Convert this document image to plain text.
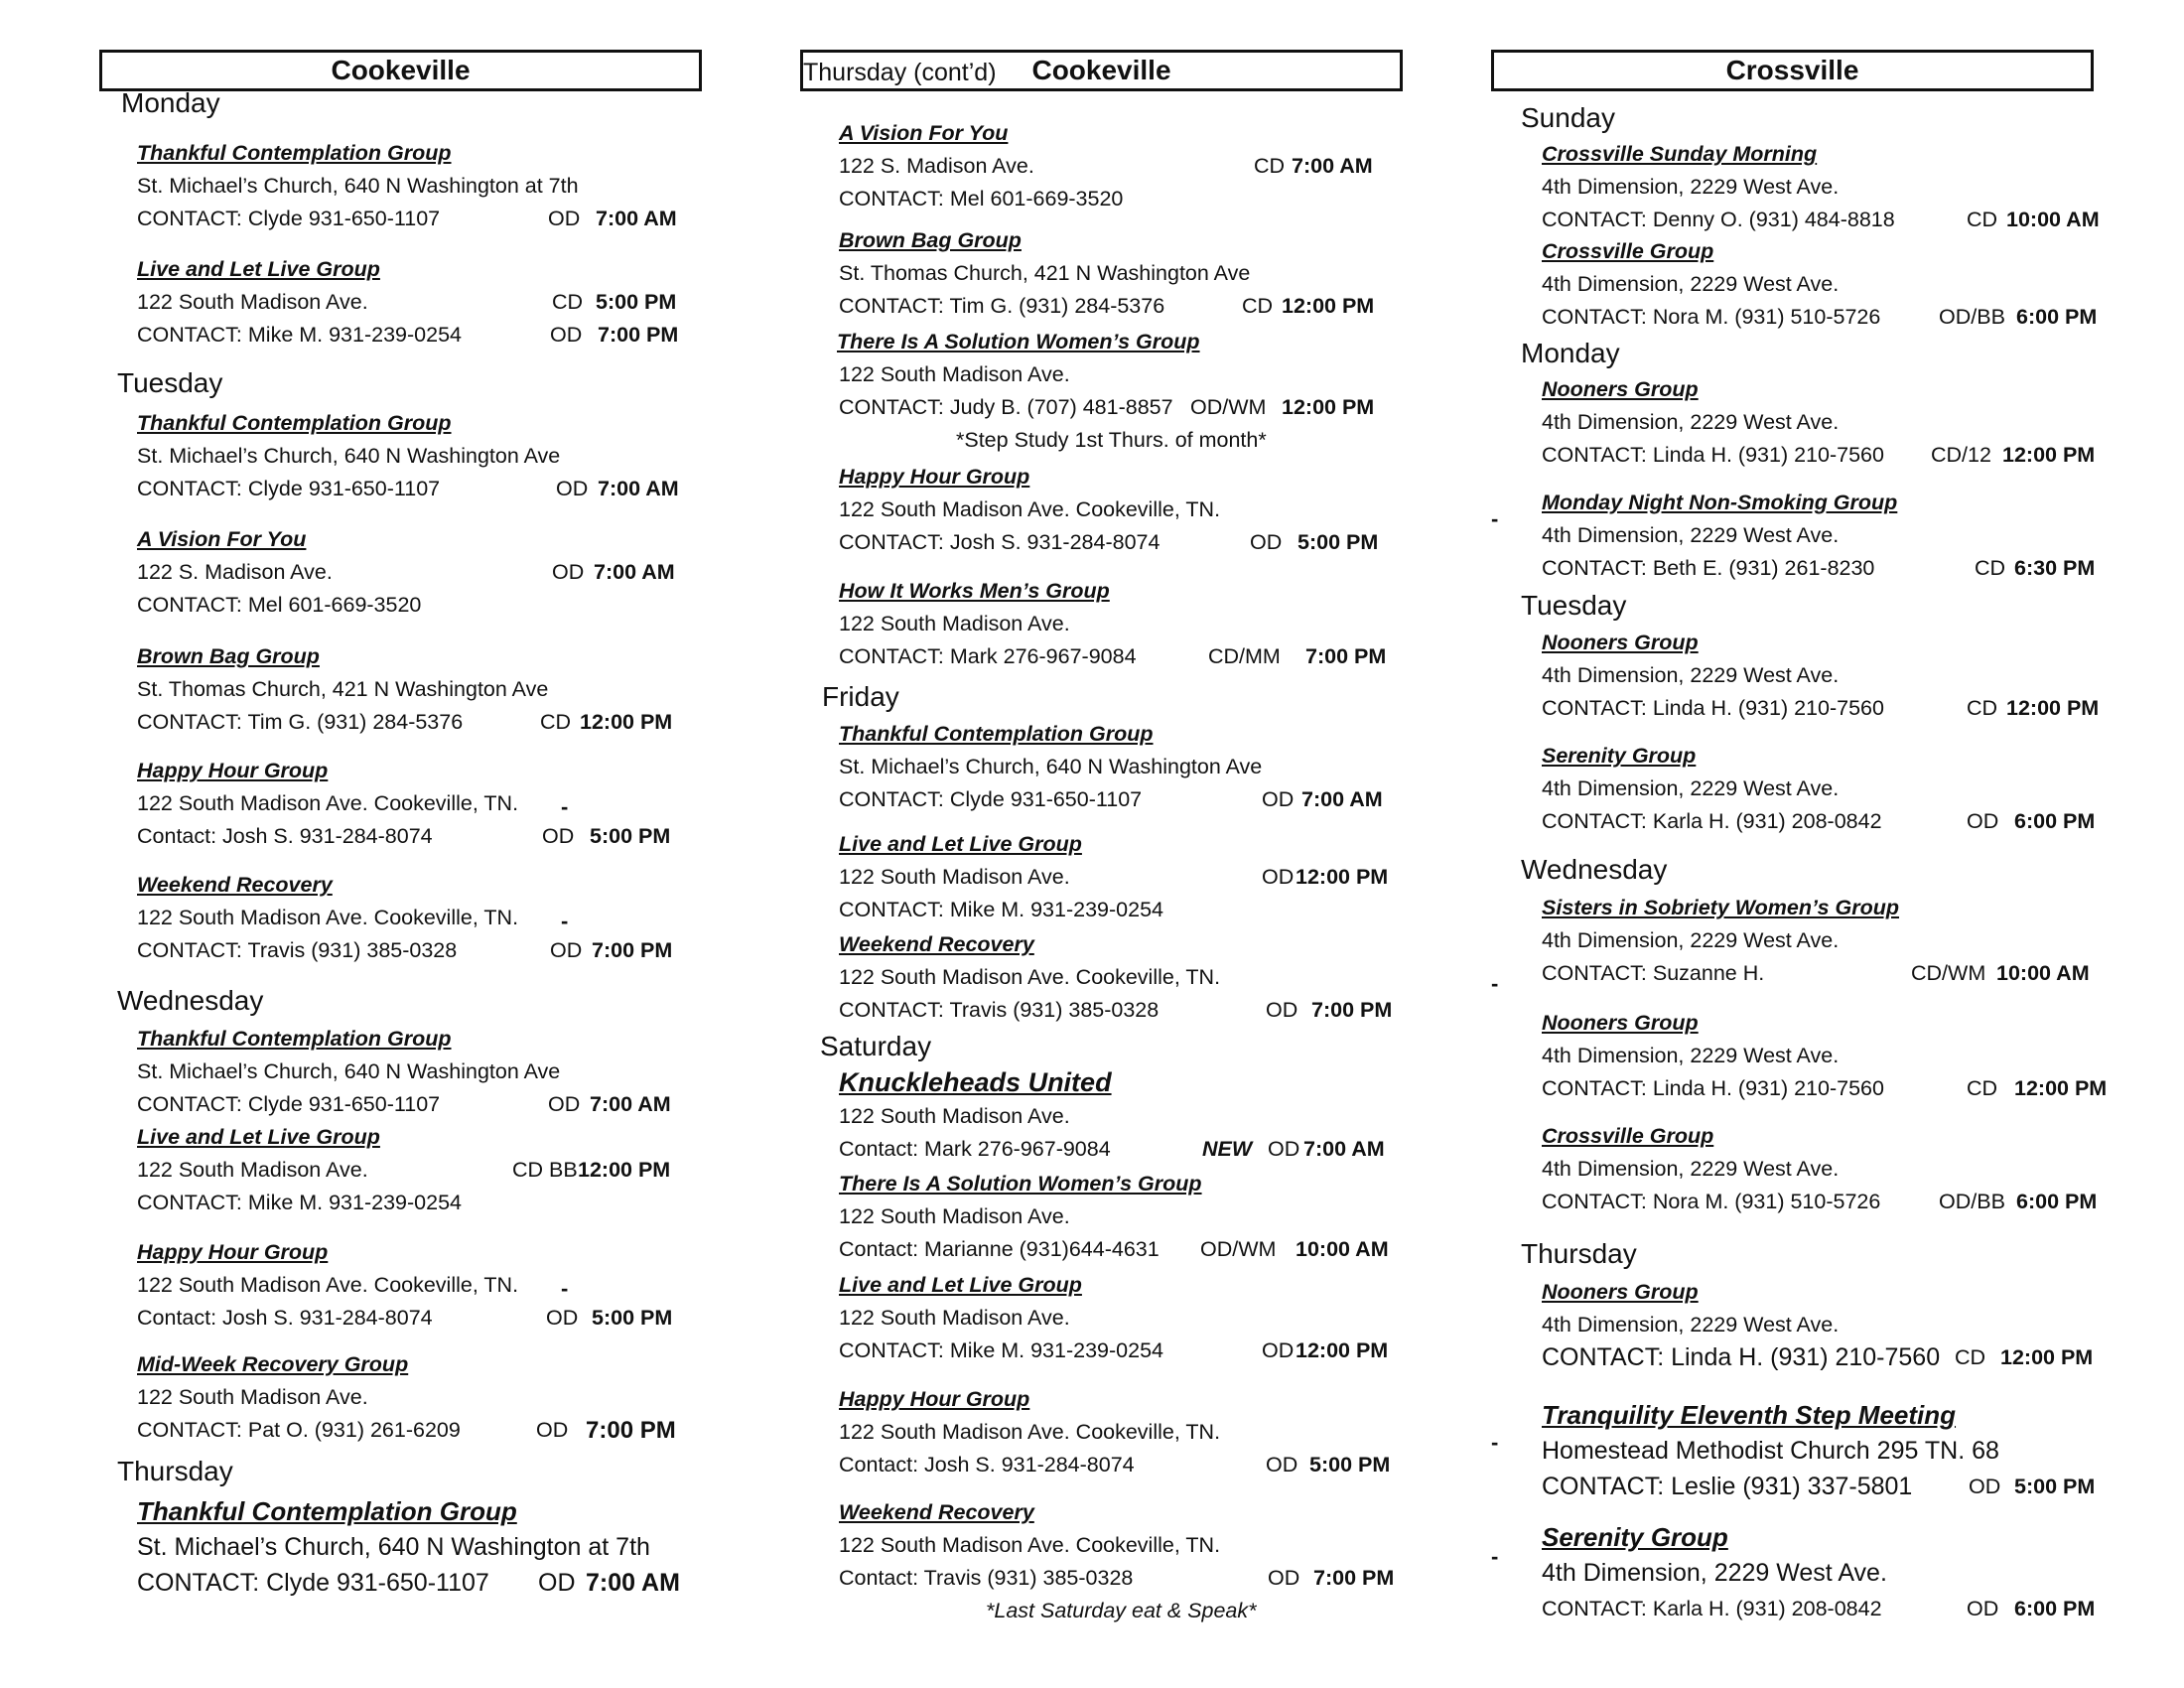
Cookeville
Monday
Thankful Contemplation Group
St. Michael’s Church, 640 N Washington at 7th
CONTACT: Clyde 931-650-1107	OD 7:00 AM
Live and Let Live Group
122 South Madison Ave.	CD 5:00 PM
CONTACT: Mike M. 931-239-0254	OD 7:00 PM
Tuesday
Thankful Contemplation Group
St. Michael’s Church, 640 N Washington Ave
CONTACT: Clyde 931-650-1107	OD 7:00 AM
A Vision For You
122 S. Madison Ave.	OD 7:00 AM
CONTACT: Mel 601-669-3520
Brown Bag Group
St. Thomas Church, 421 N Washington Ave
CONTACT: Tim G. (931) 284-5376	CD 12:00 PM
Happy Hour Group
122 South Madison Ave. Cookeville, TN.
Contact: Josh S. 931-284-8074	OD 5:00 PM
-
Weekend Recovery
122 South Madison Ave. Cookeville, TN.
CONTACT: Travis (931) 385-0328	OD 7:00 PM
-
Wednesday
Thankful Contemplation Group
St. Michael’s Church, 640 N Washington Ave
CONTACT: Clyde 931-650-1107	OD 7:00 AM
Live and Let Live Group
122 South Madison Ave.	CD BB 12:00 PM
CONTACT: Mike M. 931-239-0254
Happy Hour Group
122 South Madison Ave. Cookeville, TN.
Contact: Josh S. 931-284-8074	OD 5:00 PM
-
Mid-Week Recovery Group
122 South Madison Ave.
CONTACT: Pat O. (931) 261-6209	OD 7:00 PM
Thursday
Thankful Contemplation Group
St. Michael’s Church, 640 N Washington at 7th
CONTACT: Clyde 931-650-1107 OD 7:00 AM
Thursday (cont’d)	Cookeville
A Vision For You
122 S. Madison Ave.	CD 7:00 AM
CONTACT: Mel 601-669-3520
Brown Bag Group
St. Thomas Church, 421 N Washington Ave
CONTACT: Tim G. (931) 284-5376	CD 12:00 PM
There Is A Solution Women’s Group
122 South Madison Ave.
CONTACT: Judy B. (707) 481-8857 OD/WM 12:00 PM
*Step Study 1st Thurs. of month*
Happy Hour Group
122 South Madison Ave. Cookeville, TN.
CONTACT: Josh S. 931-284-8074	OD 5:00 PM
How It Works Men’s Group
122 South Madison Ave.
CONTACT: Mark 276-967-9084	CD/MM 7:00 PM
Friday
Thankful Contemplation Group
St. Michael’s Church, 640 N Washington Ave
CONTACT: Clyde 931-650-1107	OD 7:00 AM
Live and Let Live Group
122 South Madison Ave.	OD 12:00 PM
CONTACT: Mike M. 931-239-0254
Weekend Recovery
122 South Madison Ave. Cookeville, TN.
CONTACT: Travis (931) 385-0328	OD 7:00 PM
Saturday
Knuckleheads United
122 South Madison Ave.
Contact: Mark 276-967-9084	NEW OD 7:00 AM
There Is A Solution Women’s Group
122 South Madison Ave.
Contact: Marianne (931)644-4631 OD/WM 10:00 AM
Live and Let Live Group
122 South Madison Ave.
CONTACT: Mike M. 931-239-0254	OD 12:00 PM
Happy Hour Group
122 South Madison Ave. Cookeville, TN.
Contact: Josh S. 931-284-8074	OD 5:00 PM
Weekend Recovery
122 South Madison Ave. Cookeville, TN.
Contact: Travis (931) 385-0328	OD 7:00 PM
*Last Saturday eat & Speak*
Crossville
Sunday
Crossville Sunday Morning
4th Dimension, 2229 West Ave.
CONTACT: Denny O. (931) 484-8818	CD 10:00 AM
Crossville Group
4th Dimension, 2229 West Ave.
CONTACT: Nora M. (931) 510-5726	OD/BB 6:00 PM
Monday
Nooners Group
4th Dimension, 2229 West Ave.
CONTACT: Linda H. (931) 210-7560 CD/12 12:00 PM
-
Monday Night Non-Smoking Group
4th Dimension, 2229 West Ave.
CONTACT: Beth E. (931) 261-8230	CD 6:30 PM
Tuesday
Nooners Group
4th Dimension, 2229 West Ave.
CONTACT: Linda H. (931) 210-7560	CD 12:00 PM
Serenity Group
4th Dimension, 2229 West Ave.
CONTACT: Karla H. (931) 208-0842	OD 6:00 PM
Wednesday
-
Sisters in Sobriety Women’s Group
4th Dimension, 2229 West Ave.
CONTACT: Suzanne H.	CD/WM 10:00 AM
Nooners Group
4th Dimension, 2229 West Ave.
CONTACT: Linda H. (931) 210-7560	CD 12:00 PM
Crossville Group
4th Dimension, 2229 West Ave.
CONTACT: Nora M. (931) 510-5726	OD/BB 6:00 PM
Thursday
Nooners Group
4th Dimension, 2229 West Ave.
CONTACT: Linda H. (931) 210-7560 CD 12:00 PM
-
Tranquility Eleventh Step Meeting
Homestead Methodist Church 295 TN. 68
CONTACT: Leslie (931) 337-5801	OD 5:00 PM
-
Serenity Group
4th Dimension, 2229 West Ave.
CONTACT: Karla H. (931) 208-0842	OD 6:00 PM
